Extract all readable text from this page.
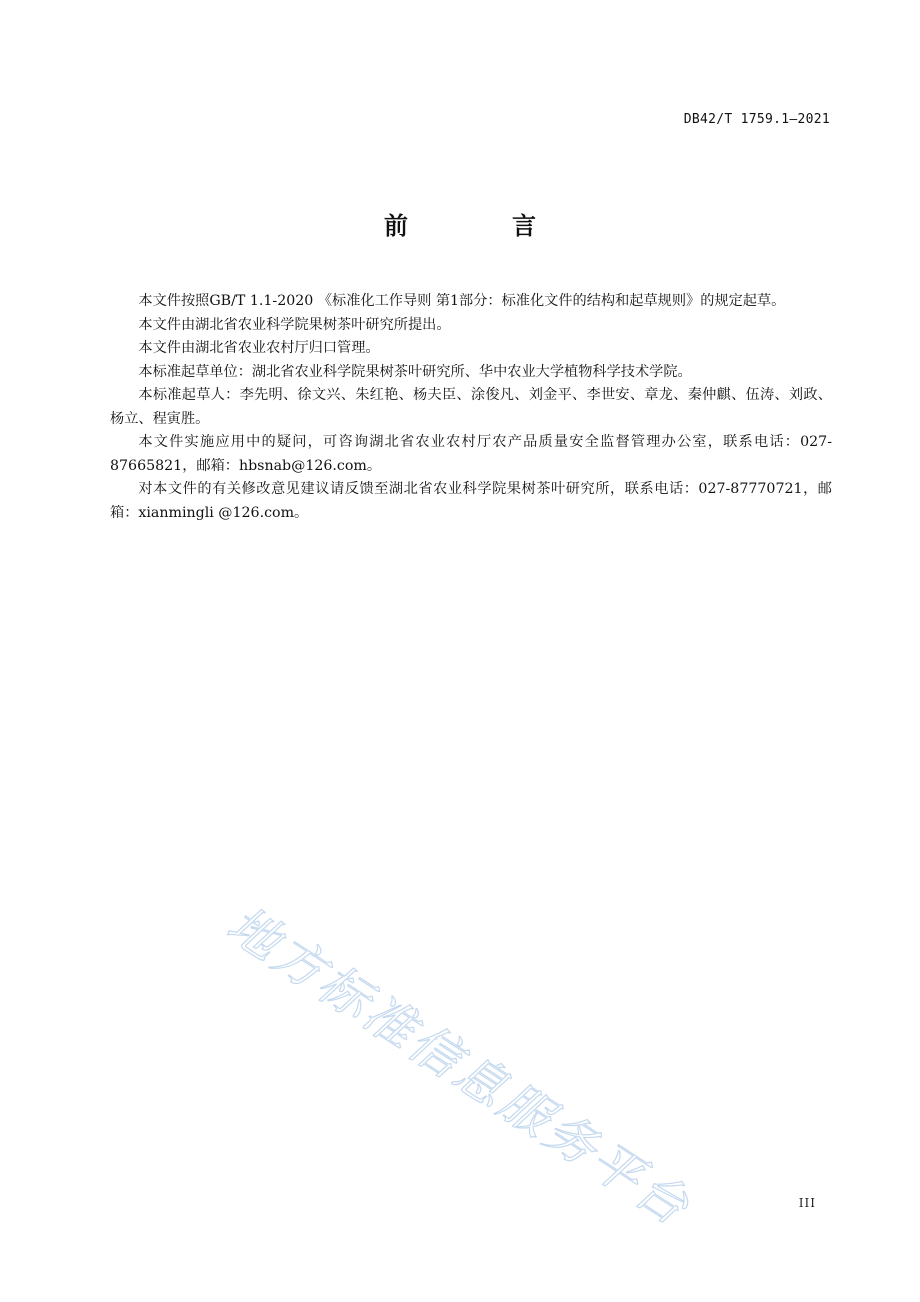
DB42/T 1759.1—2021
前　言

本文件按照GB/T 1.1-2020 《标准化工作导则 第1部分：标准化文件的结构和起草规则》的规定起草。

本文件由湖北省农业科学院果树茶叶研究所提出。

本文件由湖北省农业农村厅归口管理。

本标准起草单位：湖北省农业科学院果树茶叶研究所、华中农业大学植物科学技术学院。

本标准起草人：李先明、徐文兴、朱红艳、杨夫臣、涂俊凡、刘金平、李世安、章龙、秦仲麒、伍涛、刘政、杨立、程寅胜。

本文件实施应用中的疑问，可咨询湖北省农业农村厅农产品质量安全监督管理办公室，联系电话：027-87665821，邮箱：hbsnab@126.com。

对本文件的有关修改意见建议请反馈至湖北省农业科学院果树茶叶研究所，联系电话：027-87770721，邮箱：xianmingli @126.com。

地方标准信息服务平台	III
